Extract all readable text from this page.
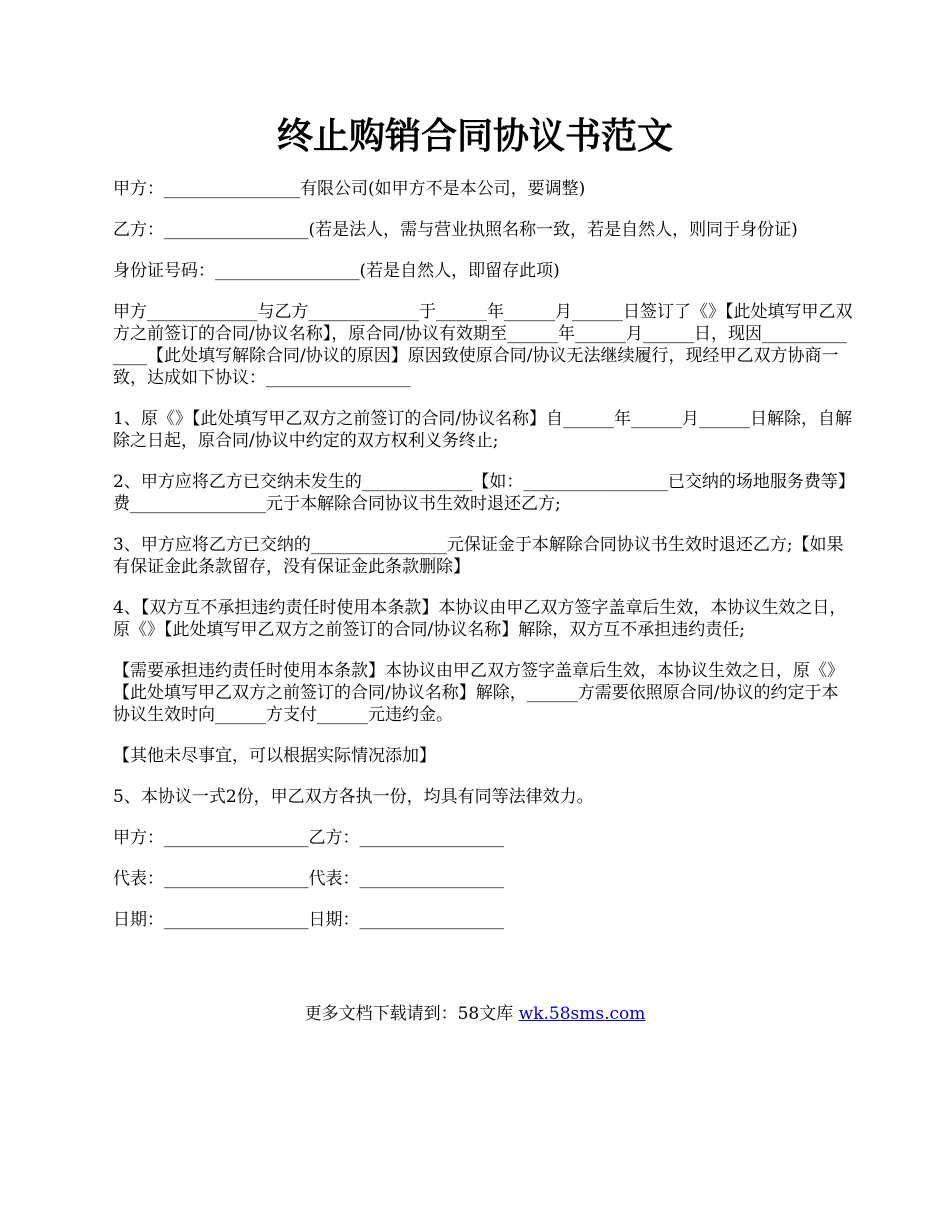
终止购销合同协议书范文

甲方：________________有限公司(如甲方不是本公司，要调整)

乙方：_________________(若是法人，需与营业执照名称一致，若是自然人，则同于身份证)

身份证号码：_________________(若是自然人，即留存此项)

甲方_____________与乙方_____________于______年______月______日签订了《》【此处填写甲乙双方之前签订的合同/协议名称】，原合同/协议有效期至______年______月______日，现因______________【此处填写解除合同/协议的原因】原因致使原合同/协议无法继续履行，现经甲乙双方协商一致，达成如下协议：_________________

1、原《》【此处填写甲乙双方之前签订的合同/协议名称】自______年______月______日解除，自解除之日起，原合同/协议中约定的双方权利义务终止;

2、甲方应将乙方已交纳未发生的_____________【如：_________________已交纳的场地服务费等】费________________元于本解除合同协议书生效时退还乙方;

3、甲方应将乙方已交纳的________________元保证金于本解除合同协议书生效时退还乙方;【如果有保证金此条款留存，没有保证金此条款删除】

4、【双方互不承担违约责任时使用本条款】本协议由甲乙双方签字盖章后生效，本协议生效之日，原《》【此处填写甲乙双方之前签订的合同/协议名称】解除，双方互不承担违约责任;

【需要承担违约责任时使用本条款】本协议由甲乙双方签字盖章后生效，本协议生效之日，原《》【此处填写甲乙双方之前签订的合同/协议名称】解除，______方需要依照原合同/协议的约定于本协议生效时向______方支付______元违约金。

【其他未尽事宜，可以根据实际情况添加】

5、本协议一式2份，甲乙双方各执一份，均具有同等法律效力。

甲方：_________________乙方：_________________

代表：_________________代表：_________________

日期：_________________日期：_________________

更多文档下载请到：58文库 wk.58sms.com
